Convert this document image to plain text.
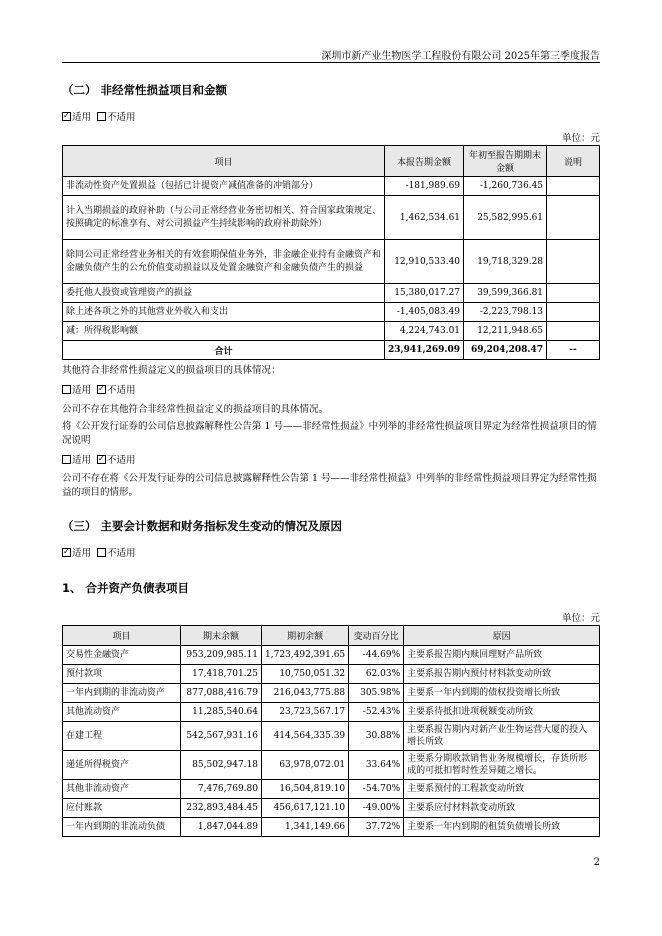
深圳市新产业生物医学工程股份有限公司 2025年第三季度报告
（二） 非经常性损益项目和金额
✓适用 不适用
单位：元
项目	本报告期金额	年初至报告期期末金额	说明
非流动性资产处置损益（包括已计提资产减值准备的冲销部分）	-181,989.69	-1,260,736.45	
计入当期损益的政府补助（与公司正常经营业务密切相关、符合国家政策规定、按照确定的标准享有、对公司损益产生持续影响的政府补助除外）	1,462,534.61	25,582,995.61	
除同公司正常经营业务相关的有效套期保值业务外，非金融企业持有金融资产和金融负债产生的公允价值变动损益以及处置金融资产和金融负债产生的损益	12,910,533.40	19,718,329.28	
委托他人投资或管理资产的损益	15,380,017.27	39,599,366.81	
除上述各项之外的其他营业外收入和支出	-1,405,083.49	-2,223,798.13	
减：所得税影响额	4,224,743.01	12,211,948.65	
合计	23,941,269.09	69,204,208.47	--
其他符合非经常性损益定义的损益项目的具体情况：
适用 ✓ 不适用
公司不存在其他符合非经常性损益定义的损益项目的具体情况。
将《公开发行证券的公司信息披露解释性公告第 1 号——非经常性损益》中列举的非经常性损益项目界定为经常性损益项目的情况说明
适用 ✓ 不适用
公司不存在将《公开发行证券的公司信息披露解释性公告第 1 号——非经常性损益》中列举的非经常性损益项目界定为经常性损益的项目的情形。
（三） 主要会计数据和财务指标发生变动的情况及原因
✓适用 不适用
1、 合并资产负债表项目
单位：元
项目	期末余额	期初余额	变动百分比	原因
交易性金融资产	953,209,985.11	1,723,492,391.65	-44.69%	主要系报告期内赎回理财产品所致
预付款项	17,418,701.25	10,750,051.32	62.03%	主要系报告期内预付材料款变动所致
一年内到期的非流动资产	877,088,416.79	216,043,775.88	305.98%	主要系一年内到期的债权投资增长所致
其他流动资产	11,285,540.64	23,723,567.17	-52.43%	主要系待抵扣进项税额变动所致
在建工程	542,567,931.16	414,564,335.39	30.88%	主要系报告期内对新产业生物运营大厦的投入增长所致
递延所得税资产	85,502,947.18	63,978,072.01	33.64%	主要系分期收款销售业务规模增长，存货所形成的可抵扣暂时性差异随之增长。
其他非流动资产	7,476,769.80	16,504,819.10	-54.70%	主要系预付的工程款变动所致
应付账款	232,893,484.45	456,617,121.10	-49.00%	主要系应付材料款变动所致
一年内到期的非流动负债	1,847,044.89	1,341,149.66	37.72%	主要系一年内到期的租赁负债增长所致
2
